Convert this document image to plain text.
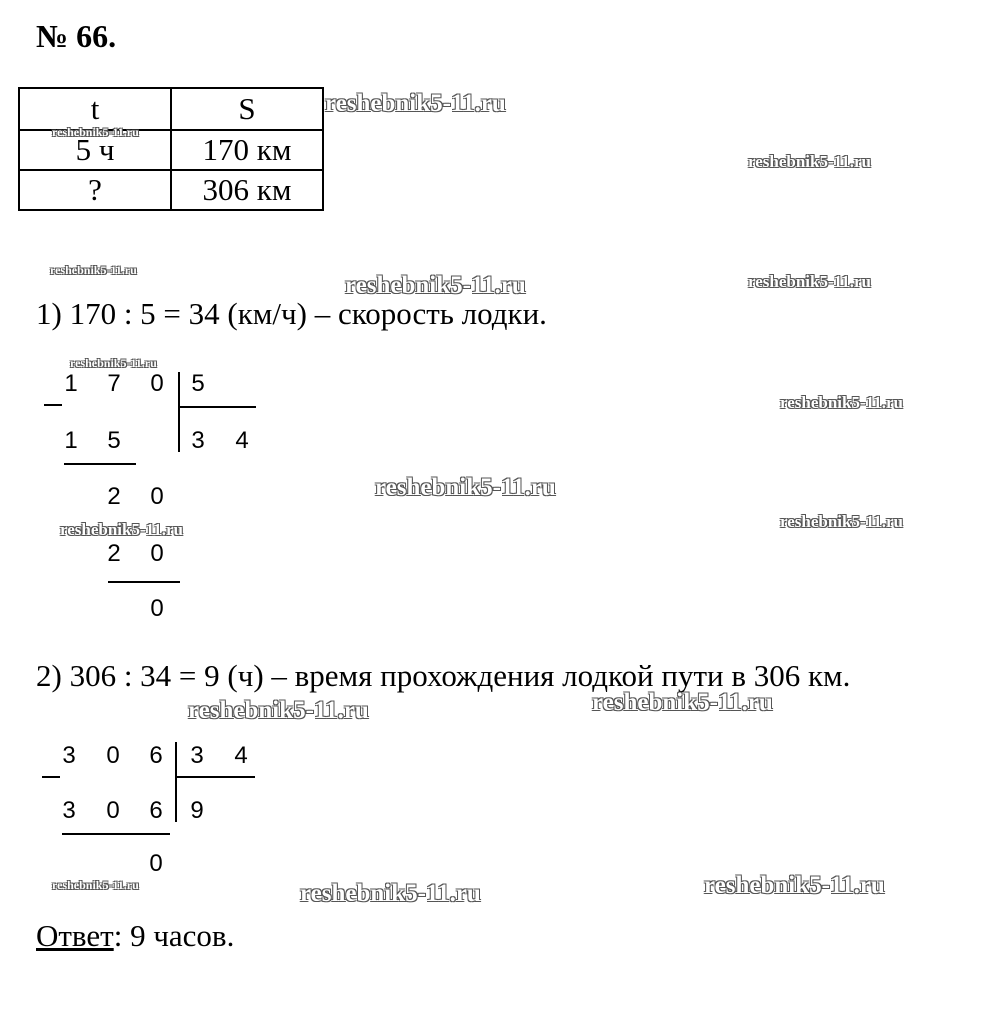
№ 66.
t	S
5 ч	170 км
?	306 км
1) 170 : 5 = 34 (км/ч) – скорость лодки.
1 7 0 5
1 5	3 4
2 0
2 0
0
2) 306 : 34 = 9 (ч) – время прохождения лодкой пути в 306 км.
3 0 6 3 4
3 0 6 9
0
Ответ: 9 часов.
reshebnik5-11.ru
reshebnik5-11.ru
reshebnik5-11.ru
reshebnik5-11.ru
reshebnik5-11.ru	reshebnik5-11.ru
reshebnik5-11.ru
reshebnik5-11.ru
reshebnik5-11.ru
reshebnik5-11.ru
reshebnik5-11.ru
reshebnik5-11.ru	reshebnik5-11.ru
reshebnik5-11.ru	reshebnik5-11.ru	reshebnik5-11.ru
